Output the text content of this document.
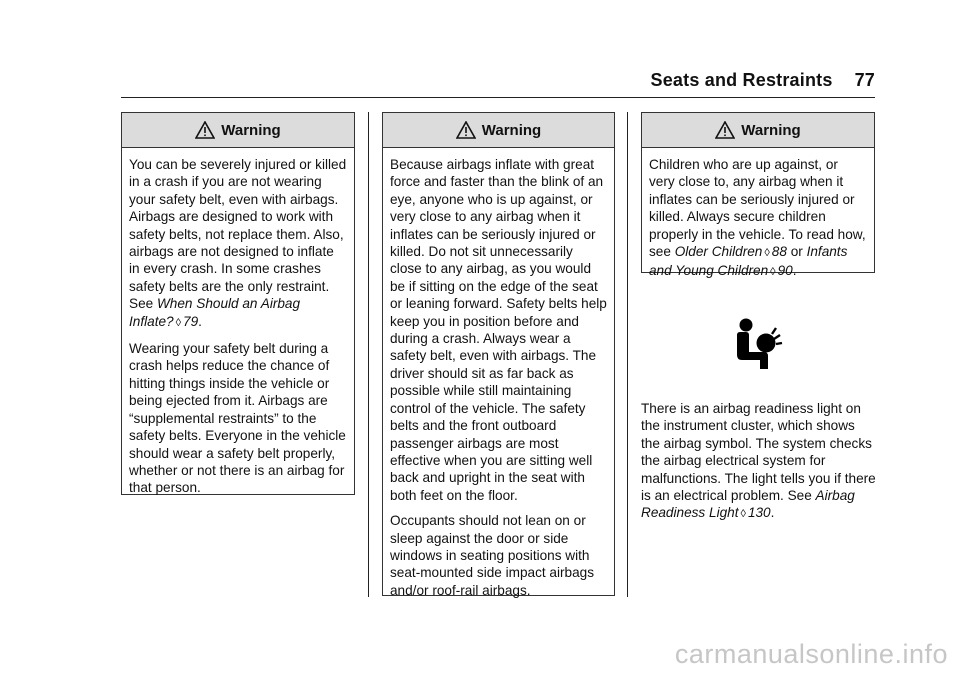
Seats and Restraints 77
Warning

You can be severely injured or killed in a crash if you are not wearing your safety belt, even with airbags. Airbags are designed to work with safety belts, not replace them. Also, airbags are not designed to inflate in every crash. In some crashes safety belts are the only restraint. See When Should an Airbag Inflate? ◊ 79.

Wearing your safety belt during a crash helps reduce the chance of hitting things inside the vehicle or being ejected from it. Airbags are “supplemental restraints” to the safety belts. Everyone in the vehicle should wear a safety belt properly, whether or not there is an airbag for that person.

Warning

Because airbags inflate with great force and faster than the blink of an eye, anyone who is up against, or very close to any airbag when it inflates can be seriously injured or killed. Do not sit unnecessarily close to any airbag, as you would be if sitting on the edge of the seat or leaning forward. Safety belts help keep you in position before and during a crash. Always wear a safety belt, even with airbags. The driver should sit as far back as possible while still maintaining control of the vehicle. The safety belts and the front outboard passenger airbags are most effective when you are sitting well back and upright in the seat with both feet on the floor.

Occupants should not lean on or sleep against the door or side windows in seating positions with seat-mounted side impact airbags and/or roof-rail airbags.

Warning

Children who are up against, or very close to, any airbag when it inflates can be seriously injured or killed. Always secure children properly in the vehicle. To read how, see Older Children ◊ 88 or Infants and Young Children ◊ 90.

There is an airbag readiness light on the instrument cluster, which shows the airbag symbol. The system checks the airbag electrical system for malfunctions. The light tells you if there is an electrical problem. See Airbag Readiness Light ◊ 130.
carmanualsonline.info
